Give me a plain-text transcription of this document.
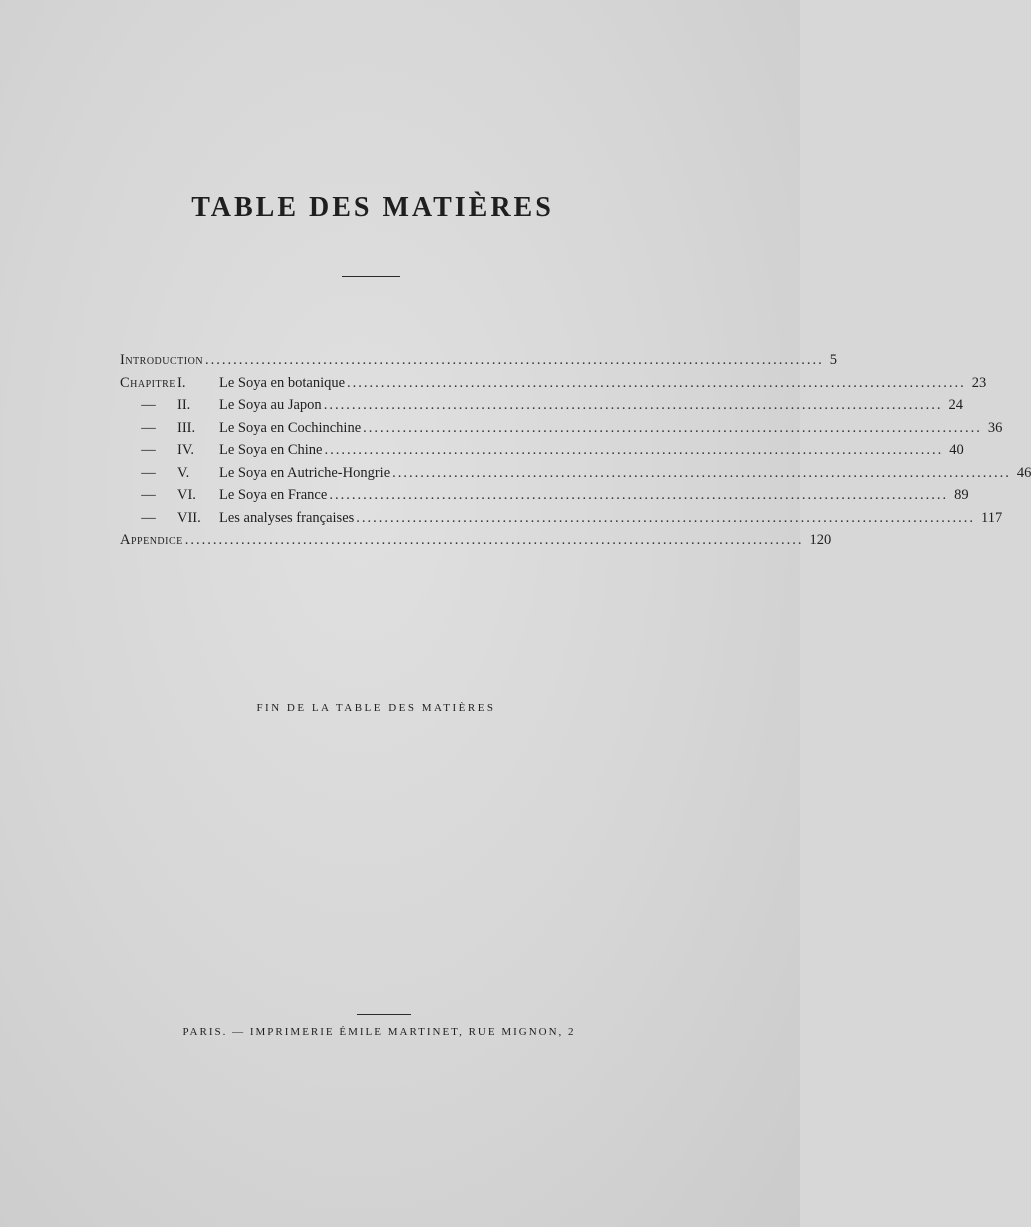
TABLE DES MATIÈRES
Introduction .............................................................................................................. 5
Chapitre I.	Le Soya en botanique .............................................................................................................. 23
—	II.	Le Soya au Japon .............................................................................................................. 24
—	III.	Le Soya en Cochinchine .............................................................................................................. 36
—	IV.	Le Soya en Chine .............................................................................................................. 40
—	V.	Le Soya en Autriche-Hongrie .............................................................................................................. 46
—	VI.	Le Soya en France .............................................................................................................. 89
—	VII.	Les analyses françaises .............................................................................................................. 117
Appendice .............................................................................................................. 120
FIN DE LA TABLE DES MATIÈRES
PARIS. — IMPRIMERIE ÉMILE MARTINET, RUE MIGNON, 2
